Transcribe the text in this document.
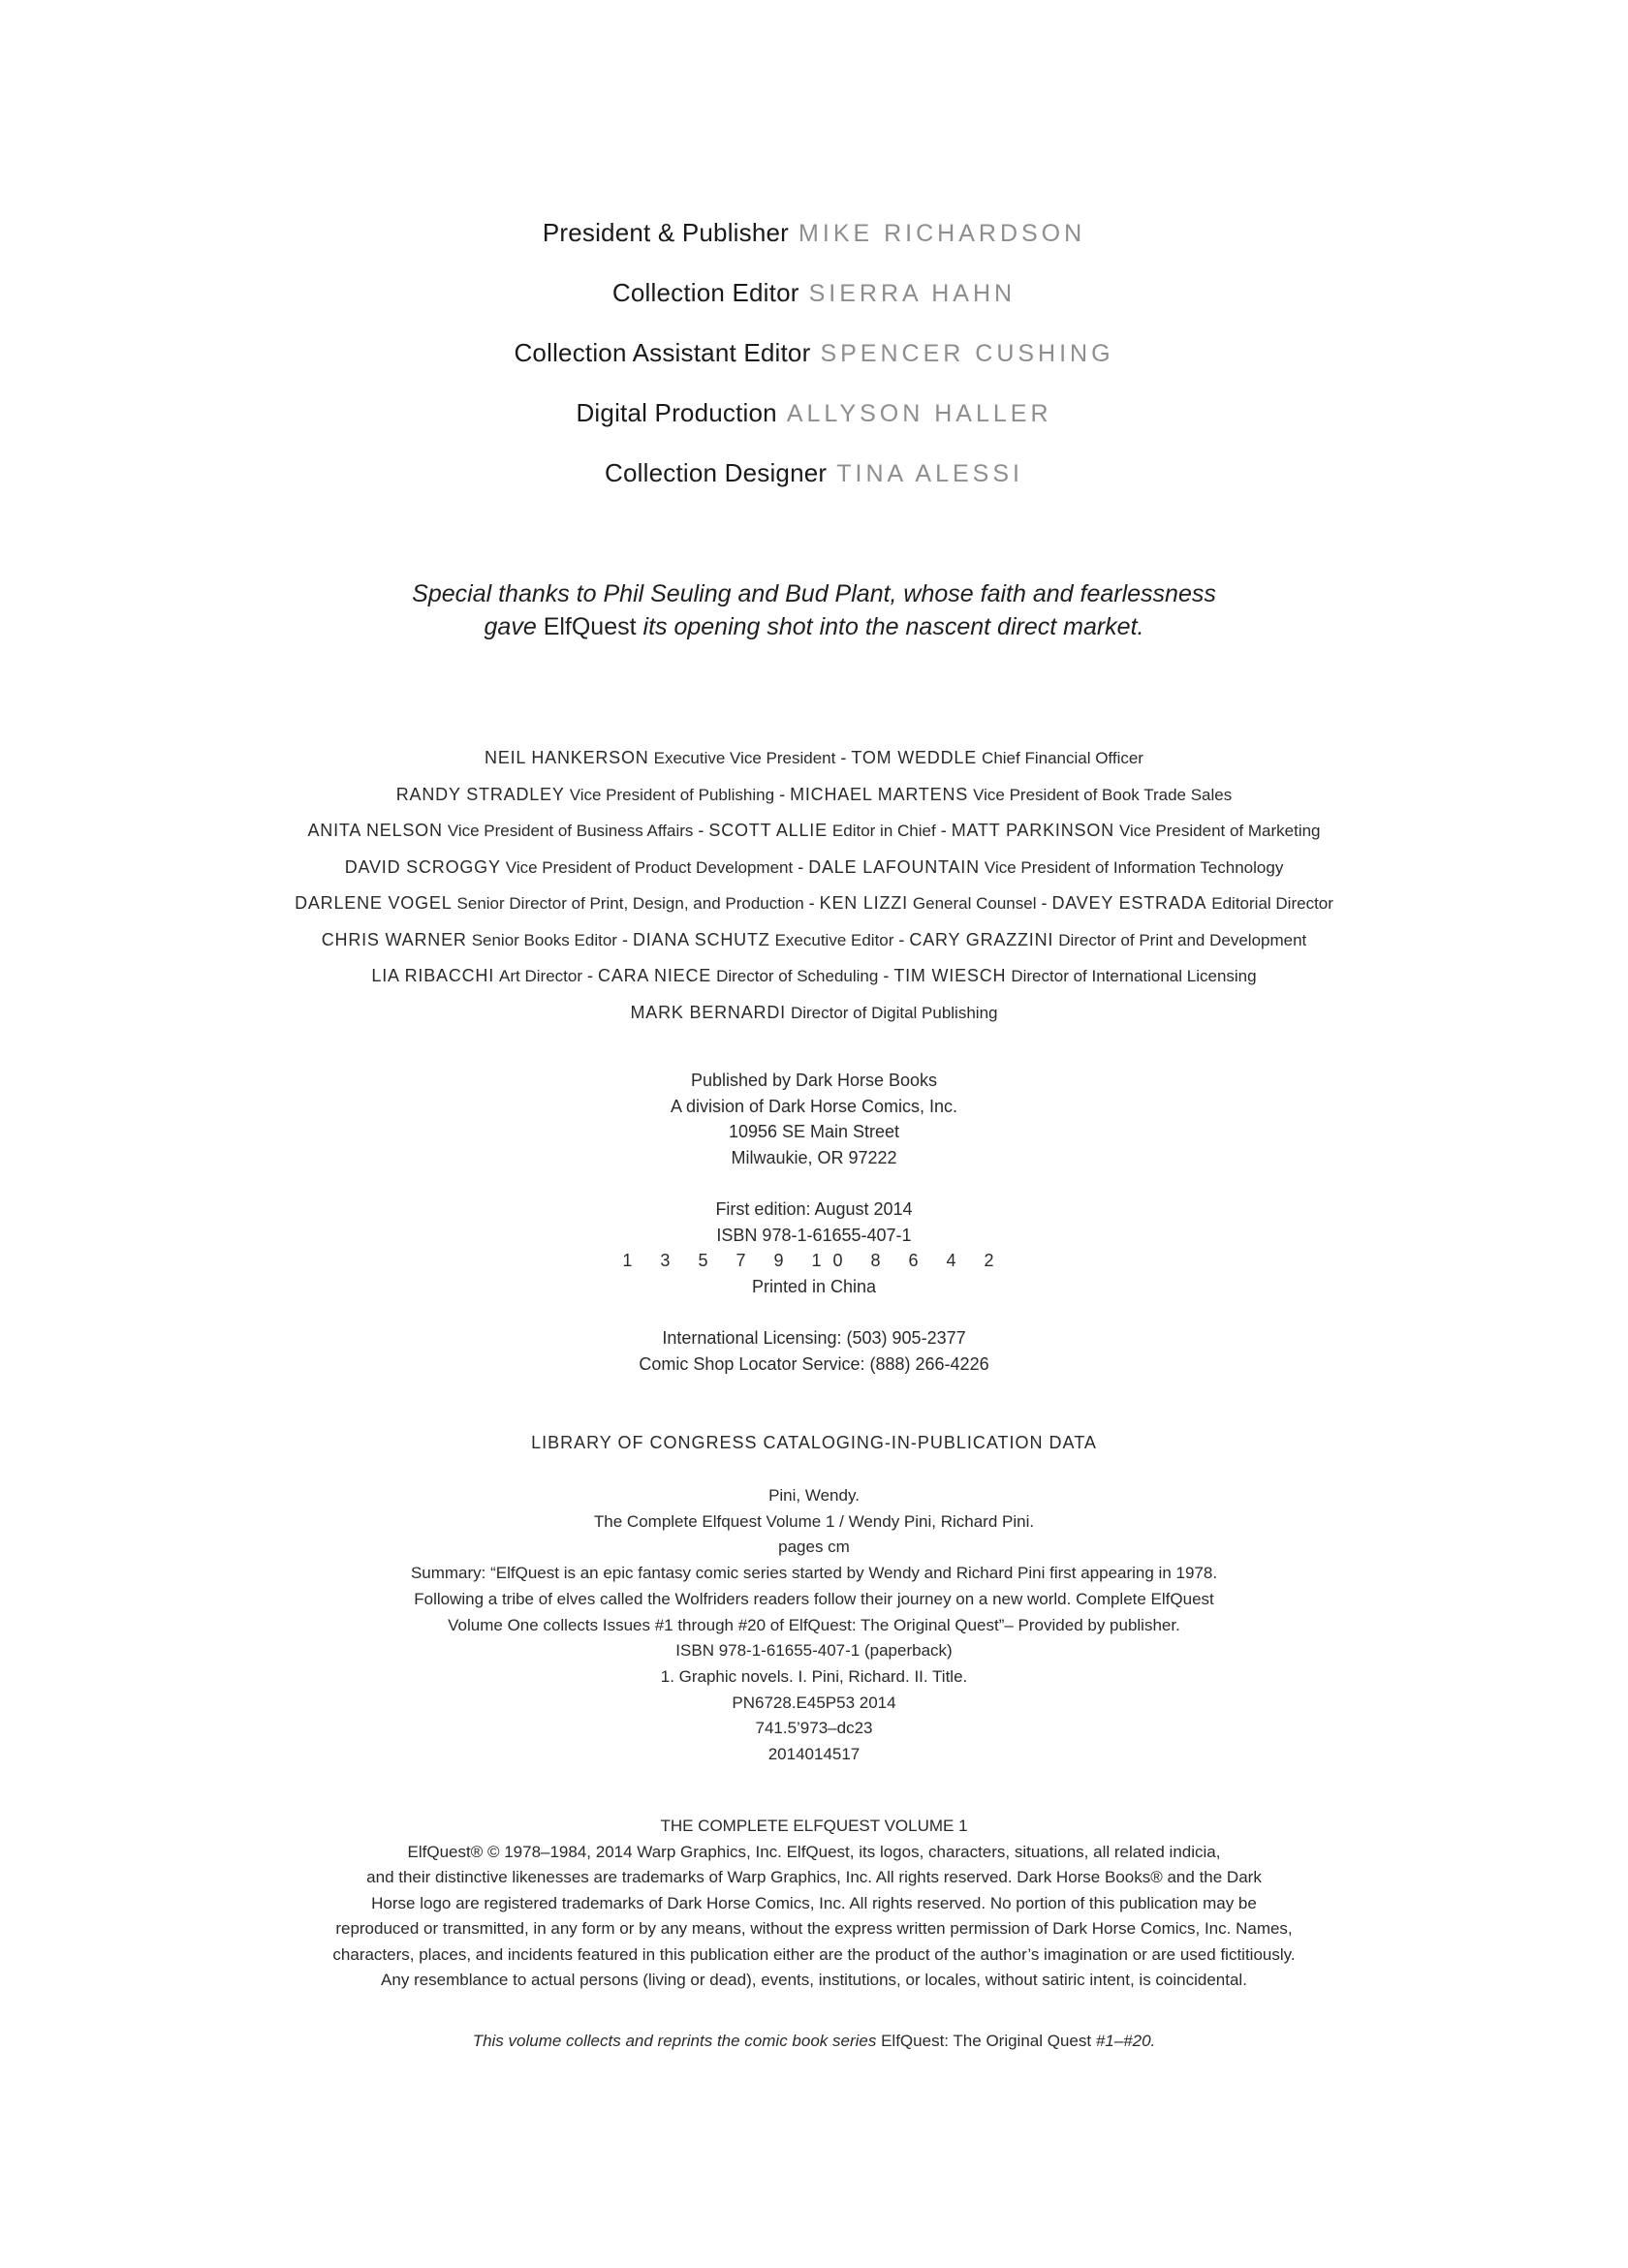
President & Publisher MIKE RICHARDSON
Collection Editor SIERRA HAHN
Collection Assistant Editor SPENCER CUSHING
Digital Production ALLYSON HALLER
Collection Designer TINA ALESSI
Special thanks to Phil Seuling and Bud Plant, whose faith and fearlessness
gave ElfQuest its opening shot into the nascent direct market.
NEIL HANKERSON Executive Vice President - TOM WEDDLE Chief Financial Officer
RANDY STRADLEY Vice President of Publishing - MICHAEL MARTENS Vice President of Book Trade Sales
ANITA NELSON Vice President of Business Affairs - SCOTT ALLIE Editor in Chief - MATT PARKINSON Vice President of Marketing
DAVID SCROGGY Vice President of Product Development - DALE LAFOUNTAIN Vice President of Information Technology
DARLENE VOGEL Senior Director of Print, Design, and Production - KEN LIZZI General Counsel - DAVEY ESTRADA Editorial Director
CHRIS WARNER Senior Books Editor - DIANA SCHUTZ Executive Editor - CARY GRAZZINI Director of Print and Development
LIA RIBACCHI Art Director - CARA NIECE Director of Scheduling - TIM WIESCH Director of International Licensing
MARK BERNARDI Director of Digital Publishing
Published by Dark Horse Books
A division of Dark Horse Comics, Inc.
10956 SE Main Street
Milwaukie, OR 97222
First edition: August 2014
ISBN 978-1-61655-407-1
1 3 5 7 9 10 8 6 4 2
Printed in China
International Licensing: (503) 905-2377
Comic Shop Locator Service: (888) 266-4226
LIBRARY OF CONGRESS CATALOGING-IN-PUBLICATION DATA
Pini, Wendy.
The Complete Elfquest Volume 1 / Wendy Pini, Richard Pini.
pages cm
Summary: “ElfQuest is an epic fantasy comic series started by Wendy and Richard Pini first appearing in 1978.
Following a tribe of elves called the Wolfriders readers follow their journey on a new world. Complete ElfQuest
Volume One collects Issues #1 through #20 of ElfQuest: The Original Quest”– Provided by publisher.
ISBN 978-1-61655-407-1 (paperback)
1. Graphic novels. I. Pini, Richard. II. Title.
PN6728.E45P53 2014
741.5’973–dc23
2014014517
THE COMPLETE ELFQUEST VOLUME 1
ElfQuest® © 1978–1984, 2014 Warp Graphics, Inc. ElfQuest, its logos, characters, situations, all related indicia,
and their distinctive likenesses are trademarks of Warp Graphics, Inc. All rights reserved. Dark Horse Books® and the Dark
Horse logo are registered trademarks of Dark Horse Comics, Inc. All rights reserved. No portion of this publication may be
reproduced or transmitted, in any form or by any means, without the express written permission of Dark Horse Comics, Inc. Names,
characters, places, and incidents featured in this publication either are the product of the author’s imagination or are used fictitiously.
Any resemblance to actual persons (living or dead), events, institutions, or locales, without satiric intent, is coincidental.
This volume collects and reprints the comic book series ElfQuest: The Original Quest #1–#20.
